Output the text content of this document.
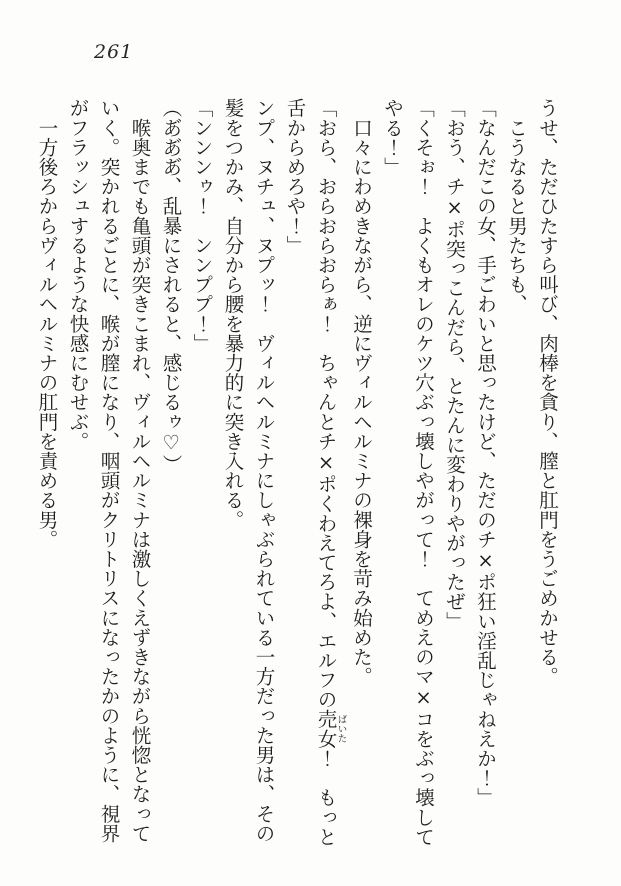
261

うせ、ただひたすら叫び、肉棒を貪り、膣と肛門をうごめかせる。

　こうなると男たちも、

「なんだこの女、手ごわいと思ったけど、ただのチ×ポ狂い淫乱じゃねえか！」

「おう、チ×ポ突っこんだら、とたんに変わりやがったぜ」

「くそぉ！　よくもオレのケツ穴ぶっ壊しやがって！　てめえのマ×コをぶっ壊してやる！」

　口々にわめきながら、逆にヴィルヘルミナの裸身を苛み始めた。

「おら、おらおらおらぁ！　ちゃんとチ×ポくわえてろよ、エルフの売女ばいた！　もっと舌からめろや！」

ンプ、ヌチュ、ヌプッ！　ヴィルヘルミナにしゃぶられている一方だった男は、その髪をつかみ、自分から腰を暴力的に突き入れる。

「ンンンゥ！　ンンププ！」

（あ゙あ゙あ゙、乱暴にされると、感じるゥ♡）

　喉奥までも亀頭が突きこまれ、ヴィルヘルミナは激しくえずきながら恍惚となっていく。突かれるごとに、喉が膣になり、咽頭がクリトリスになったかのように、視界がフラッシュするような快感にむせぶ。

　一方後ろからヴィルヘルミナの肛門を責める男。
